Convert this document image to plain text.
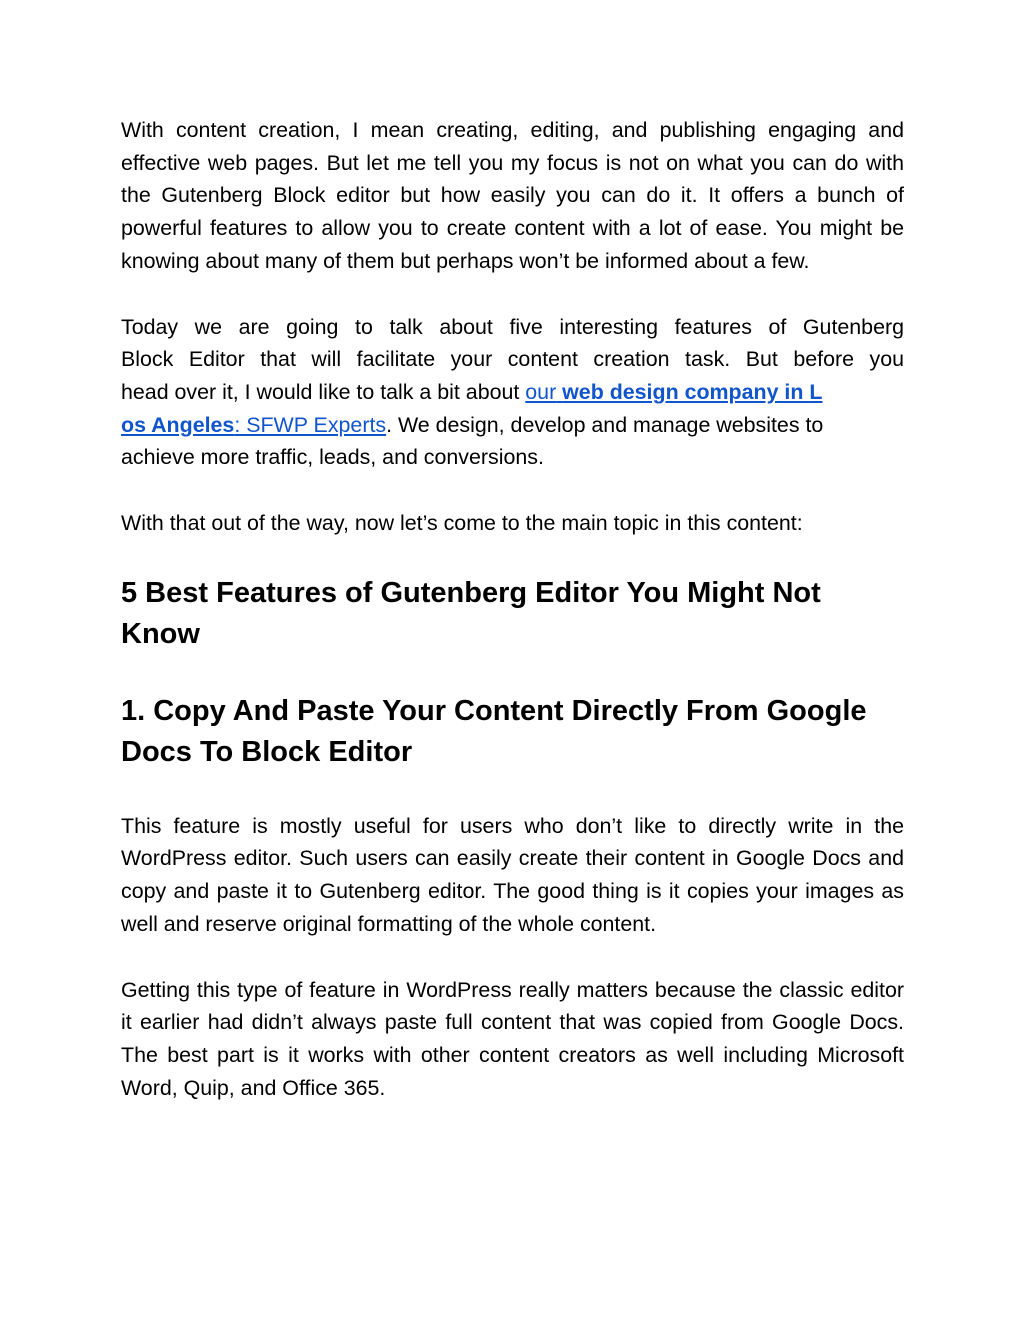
With content creation, I mean creating, editing, and publishing engaging and effective web pages. But let me tell you my focus is not on what you can do with the Gutenberg Block editor but how easily you can do it. It offers a bunch of powerful features to allow you to create content with a lot of ease. You might be knowing about many of them but perhaps won’t be informed about a few.

Today we are going to talk about five interesting features of Gutenberg
Block Editor that will facilitate your content creation task. But before you
head over it, I would like to talk a bit about our web design company in L
os Angeles: SFWP Experts. We design, develop and manage websites to
achieve more traffic, leads, and conversions.

With that out of the way, now let’s come to the main topic in this content:

5 Best Features of Gutenberg Editor You Might Not
Know
1. Copy And Paste Your Content Directly From Google
Docs To Block Editor

This feature is mostly useful for users who don’t like to directly write in the WordPress editor. Such users can easily create their content in Google Docs and copy and paste it to Gutenberg editor. The good thing is it copies your images as well and reserve original formatting of the whole content.

Getting this type of feature in WordPress really matters because the classic editor it earlier had didn’t always paste full content that was copied from Google Docs. The best part is it works with other content creators as well including Microsoft Word, Quip, and Office 365.
